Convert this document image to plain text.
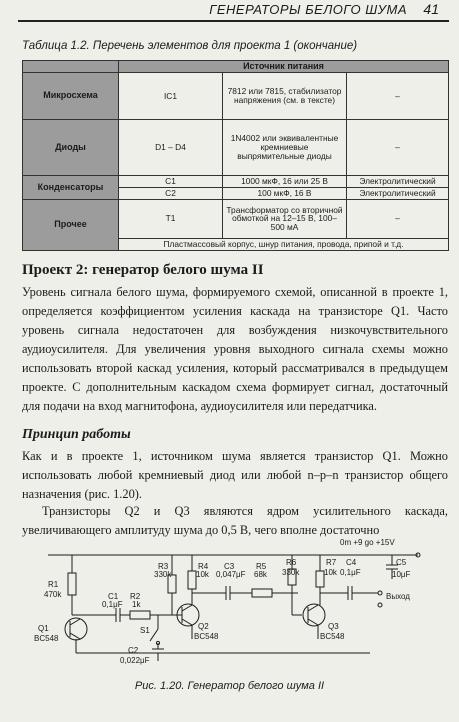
ГЕНЕРАТОРЫ БЕЛОГО ШУМА 41
Таблица 1.2. Перечень элементов для проекта 1 (окончание)
	Источник питания		
Микросхема	IC1	7812 или 7815, стабилизатор напряжения (см. в тексте)	–
Диоды	D1 – D4	1N4002 или эквивалентные кремниевые выпрямительные диоды	–
Конденсаторы	C1	1000 мкФ, 16 или 25 В	Электролитический
	C2	100 мкФ, 16 В	Электролитический
Прочее	T1	Трансформатор со вторичной обмоткой на 12–15 В, 100–500 мА	–
	Пластмассовый корпус, шнур питания, провода, припой и т.д.		
Проект 2: генератор белого шума II

Уровень сигнала белого шума, формируемого схемой, описанной в проекте 1, определяется коэффициентом усиления каскада на транзисторе Q1. Часто уровень сигнала недостаточен для возбуждения низкочувствительного аудиоусилителя. Для увеличения уровня выходного сигнала схемы можно использовать второй каскад усиления, который рассматривался в предыдущем проекте. С дополнительным каскадом схема формирует сигнал, достаточный для подачи на вход магнитофона, аудиоусилителя или передатчика.

Принцип работы

Как и в проекте 1, источником шума является транзистор Q1. Можно использовать любой кремниевый диод или любой n–p–n транзистор общего назначения (рис. 1.20).

Транзисторы Q2 и Q3 являются ядром усилительного каскада, увеличивающего амплитуду шума до 0,5 В, чего вполне достаточно

0m +9 go +15V
R1
470k
Q1
BC548
C1
0,1μF
R2
1k
S1
C2
0,022μF
R3
330k
Q2
BC548
R4
10k
C3
0,047μF
R5
68k
R6
330k
Q3
BC548
R7
10k
C4
0,1μF
C5
10μF
Выход
Рис. 1.20. Генератор белого шума II
